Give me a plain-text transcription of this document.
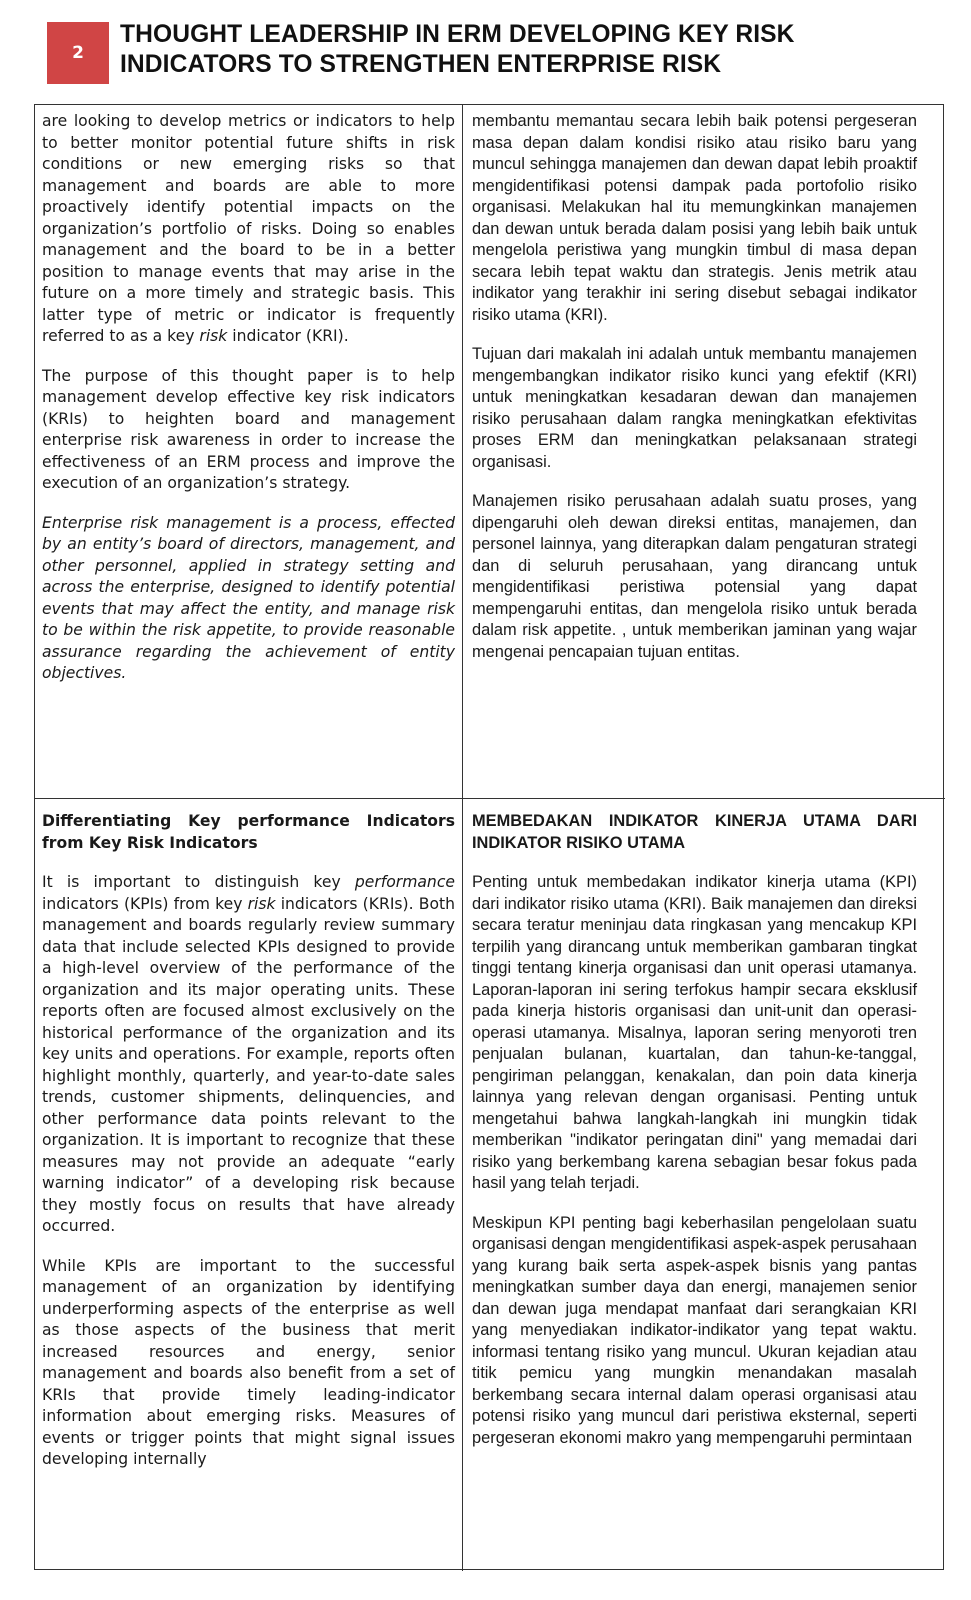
2
THOUGHT LEADERSHIP IN ERM DEVELOPING KEY RISK INDICATORS TO STRENGTHEN ENTERPRISE RISK

are looking to develop metrics or indicators to help to better monitor potential future shifts in risk conditions or new emerging risks so that management and boards are able to more proactively identify potential impacts on the organization’s portfolio of risks. Doing so enables management and the board to be in a better position to manage events that may arise in the future on a more timely and strategic basis. This latter type of metric or indicator is frequently referred to as a key risk indicator (KRI).

The purpose of this thought paper is to help management develop effective key risk indicators (KRIs) to heighten board and management enterprise risk awareness in order to increase the effectiveness of an ERM process and improve the execution of an organization’s strategy.

Enterprise risk management is a process, effected by an entity’s board of directors, management, and other personnel, applied in strategy setting and across the enterprise, designed to identify potential events that may affect the entity, and manage risk to be within the risk appetite, to provide reasonable assurance regarding the achievement of entity objectives.

membantu memantau secara lebih baik potensi pergeseran masa depan dalam kondisi risiko atau risiko baru yang muncul sehingga manajemen dan dewan dapat lebih proaktif mengidentifikasi potensi dampak pada portofolio risiko organisasi. Melakukan hal itu memungkinkan manajemen dan dewan untuk berada dalam posisi yang lebih baik untuk mengelola peristiwa yang mungkin timbul di masa depan secara lebih tepat waktu dan strategis. Jenis metrik atau indikator yang terakhir ini sering disebut sebagai indikator risiko utama (KRI).

Tujuan dari makalah ini adalah untuk membantu manajemen mengembangkan indikator risiko kunci yang efektif (KRI) untuk meningkatkan kesadaran dewan dan manajemen risiko perusahaan dalam rangka meningkatkan efektivitas proses ERM dan meningkatkan pelaksanaan strategi organisasi.

Manajemen risiko perusahaan adalah suatu proses, yang dipengaruhi oleh dewan direksi entitas, manajemen, dan personel lainnya, yang diterapkan dalam pengaturan strategi dan di seluruh perusahaan, yang dirancang untuk mengidentifikasi peristiwa potensial yang dapat mempengaruhi entitas, dan mengelola risiko untuk berada dalam risk appetite. , untuk memberikan jaminan yang wajar mengenai pencapaian tujuan entitas.

Differentiating Key performance Indicators from Key Risk Indicators

It is important to distinguish key performance indicators (KPIs) from key risk indicators (KRIs). Both management and boards regularly review summary data that include selected KPIs designed to provide a high-level overview of the performance of the organization and its major operating units. These reports often are focused almost exclusively on the historical performance of the organization and its key units and operations. For example, reports often highlight monthly, quarterly, and year-to-date sales trends, customer shipments, delinquencies, and other performance data points relevant to the organization. It is important to recognize that these measures may not provide an adequate “early warning indicator” of a developing risk because they mostly focus on results that have already occurred.

While KPIs are important to the successful management of an organization by identifying underperforming aspects of the enterprise as well as those aspects of the business that merit increased resources and energy, senior management and boards also benefit from a set of KRIs that provide timely leading-indicator information about emerging risks. Measures of events or trigger points that might signal issues developing internally

MEMBEDAKAN INDIKATOR KINERJA UTAMA DARI INDIKATOR RISIKO UTAMA

Penting untuk membedakan indikator kinerja utama (KPI) dari indikator risiko utama (KRI). Baik manajemen dan direksi secara teratur meninjau data ringkasan yang mencakup KPI terpilih yang dirancang untuk memberikan gambaran tingkat tinggi tentang kinerja organisasi dan unit operasi utamanya. Laporan-laporan ini sering terfokus hampir secara eksklusif pada kinerja historis organisasi dan unit-unit dan operasi-operasi utamanya. Misalnya, laporan sering menyoroti tren penjualan bulanan, kuartalan, dan tahun-ke-tanggal, pengiriman pelanggan, kenakalan, dan poin data kinerja lainnya yang relevan dengan organisasi. Penting untuk mengetahui bahwa langkah-langkah ini mungkin tidak memberikan "indikator peringatan dini" yang memadai dari risiko yang berkembang karena sebagian besar fokus pada hasil yang telah terjadi.

Meskipun KPI penting bagi keberhasilan pengelolaan suatu organisasi dengan mengidentifikasi aspek-aspek perusahaan yang kurang baik serta aspek-aspek bisnis yang pantas meningkatkan sumber daya dan energi, manajemen senior dan dewan juga mendapat manfaat dari serangkaian KRI yang menyediakan indikator-indikator yang tepat waktu. informasi tentang risiko yang muncul. Ukuran kejadian atau titik pemicu yang mungkin menandakan masalah berkembang secara internal dalam operasi organisasi atau potensi risiko yang muncul dari peristiwa eksternal, seperti pergeseran ekonomi makro yang mempengaruhi permintaan
